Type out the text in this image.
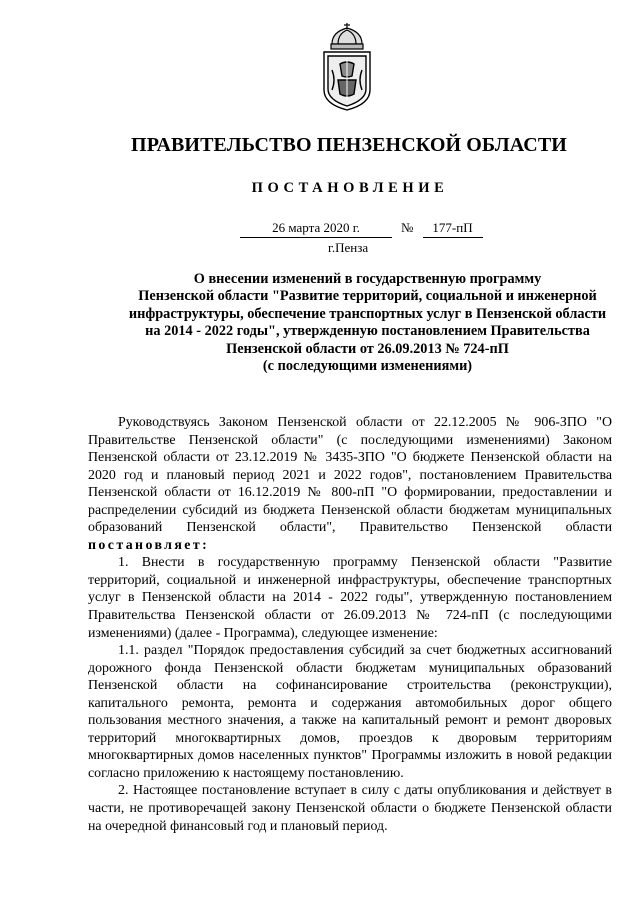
ПРАВИТЕЛЬСТВО ПЕНЗЕНСКОЙ ОБЛАСТИ
ПОСТАНОВЛЕНИЕ
26 марта 2020 г.	№ 177-пП
г.Пенза
О внесении изменений в государственную программу
Пензенской области "Развитие территорий, социальной и инженерной
инфраструктуры, обеспечение транспортных услуг в Пензенской области
на 2014 - 2022 годы", утвержденную постановлением Правительства
Пензенской области от 26.09.2013 № 724-пП
(с последующими изменениями)

Руководствуясь Законом Пензенской области от 22.12.2005 № 906-ЗПО "О Правительстве Пензенской области" (с последующими изменениями) Законом Пензенской области от 23.12.2019 № 3435-ЗПО "О бюджете Пензенской области на 2020 год и плановый период 2021 и 2022 годов", постановлением Правительства Пензенской области от 16.12.2019 № 800-пП "О формировании, предоставлении и распределении субсидий из бюджета Пензенской области бюджетам муниципальных образований Пензенской области", Правительство Пензенской области постановляет:

1. Внести в государственную программу Пензенской области "Развитие территорий, социальной и инженерной инфраструктуры, обеспечение транспортных услуг в Пензенской области на 2014 - 2022 годы", утвержденную постановлением Правительства Пензенской области от 26.09.2013 № 724-пП (с последующими изменениями) (далее - Программа), следующее изменение:

1.1. раздел "Порядок предоставления субсидий за счет бюджетных ассигнований дорожного фонда Пензенской области бюджетам муниципальных образований Пензенской области на софинансирование строительства (реконструкции), капитального ремонта, ремонта и содержания автомобильных дорог общего пользования местного значения, а также на капитальный ремонт и ремонт дворовых территорий многоквартирных домов, проездов к дворовым территориям многоквартирных домов населенных пунктов" Программы изложить в новой редакции согласно приложению к настоящему постановлению.

2. Настоящее постановление вступает в силу с даты опубликования и действует в части, не противоречащей закону Пензенской области о бюджете Пензенской области на очередной финансовый год и плановый период.
